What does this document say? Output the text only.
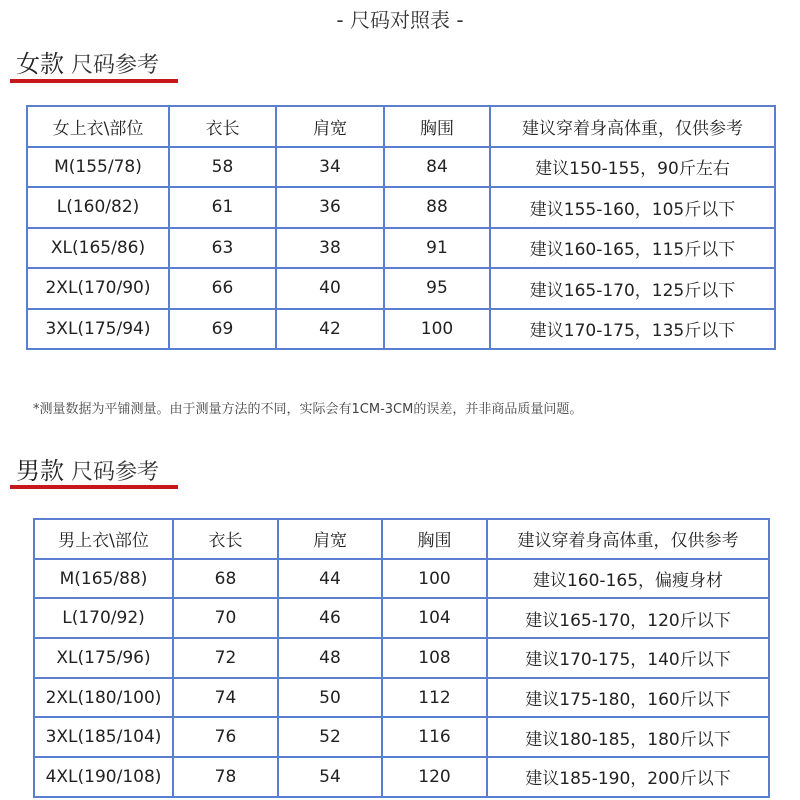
- 尺码对照表 -
女款 尺码参考
女上衣\部位	衣长	肩宽	胸围	建议穿着身高体重，仅供参考
M(155/78)	58	34	84	建议150-155，90斤左右
L(160/82)	61	36	88	建议155-160，105斤以下
XL(165/86)	63	38	91	建议160-165，115斤以下
2XL(170/90)	66	40	95	建议165-170，125斤以下
3XL(175/94)	69	42	100	建议170-175，135斤以下
*测量数据为平铺测量。由于测量方法的不同，实际会有1CM-3CM的误差，并非商品质量问题。
男款 尺码参考
男上衣\部位	衣长	肩宽	胸围	建议穿着身高体重，仅供参考
M(165/88)	68	44	100	建议160-165，偏瘦身材
L(170/92)	70	46	104	建议165-170，120斤以下
XL(175/96)	72	48	108	建议170-175，140斤以下
2XL(180/100)	74	50	112	建议175-180，160斤以下
3XL(185/104)	76	52	116	建议180-185，180斤以下
4XL(190/108)	78	54	120	建议185-190，200斤以下
